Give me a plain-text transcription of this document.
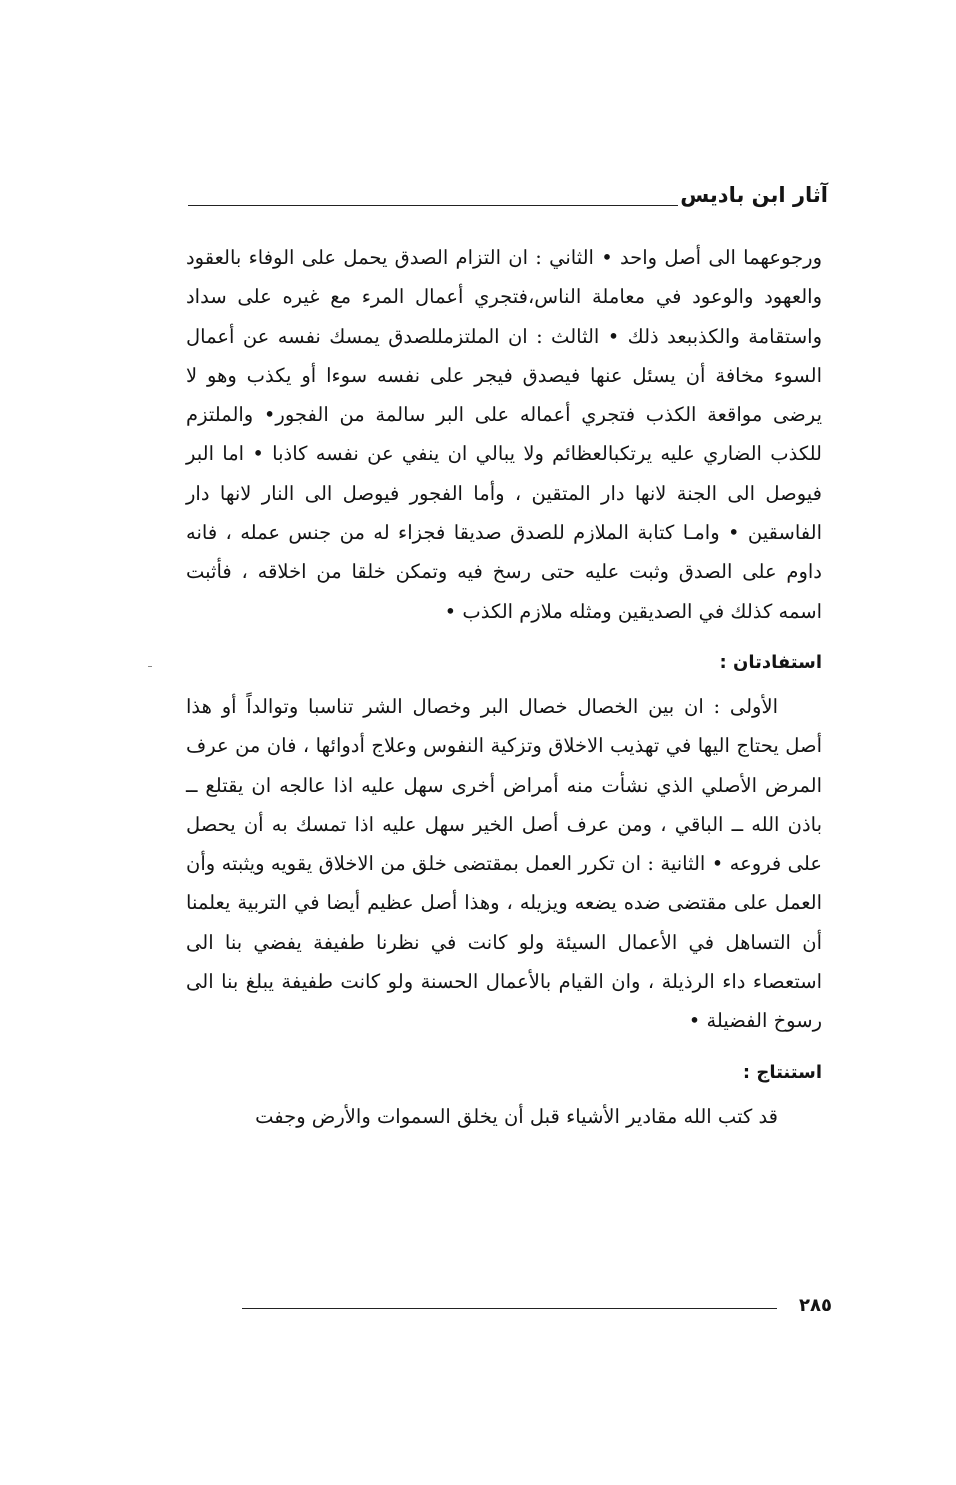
آثار ابن باديس

ورجوعهما الى أصل واحد • الثاني : ان التزام الصدق يحمل على الوفاء بالعقود والعهود والوعود في معاملة الناس،فتجري أعمال المرء مع غيره على سداد واستقامة والكذببعد ذلك • الثالث : ان الملتزمللصدق يمسك نفسه عن أعمال السوء مخافة أن يسئل عنها فيصدق فيجر على نفسه سوءا أو يكذب وهو لا يرضى مواقعة الكذب فتجري أعماله على البر سالمة من الفجور• والملتزم للكذب الضاري عليه يرتكبالعظائم ولا يبالي ان ينفي عن نفسه كاذبا • اما البر فيوصل الى الجنة لانها دار المتقين ، وأما الفجور فيوصل الى النار لانها دار الفاسقين • وامـا كتابة الملازم للصدق صديقا فجزاء له من جنس عمله ، فانه داوم على الصدق وثبت عليه حتى رسخ فيه وتمكن خلقا من اخلاقه ، فأثبت اسمه كذلك في الصديقين ومثله ملازم الكذب •

استفادتان :

الأولى : ان بين الخصال خصال البر وخصال الشر تناسبا وتوالداً أو هذا أصل يحتاج اليها في تهذيب الاخلاق وتزكية النفوس وعلاج أدوائها ، فان من عرف المرض الأصلي الذي نشأت منه أمراض أخرى سهل عليه اذا عالجه ان يقتلع ــ باذن الله ــ الباقي ، ومن عرف أصل الخير سهل عليه اذا تمسك به أن يحصل على فروعه • الثانية : ان تكرر العمل بمقتضى خلق من الاخلاق يقويه ويثبته وأن العمل على مقتضى ضده يضعه ويزيله ، وهذا أصل عظيم أيضا في التربية يعلمنا أن التساهل في الأعمال السيئة ولو كانت في نظرنا طفيفة يفضي بنا الى استعصاء داء الرذيلة ، وان القيام بالأعمال الحسنة ولو كانت طفيفة يبلغ بنا الى رسوخ الفضيلة •

استنتاج :

قد كتب الله مقادير الأشياء قبل أن يخلق السموات والأرض وجفت

٢٨٥
